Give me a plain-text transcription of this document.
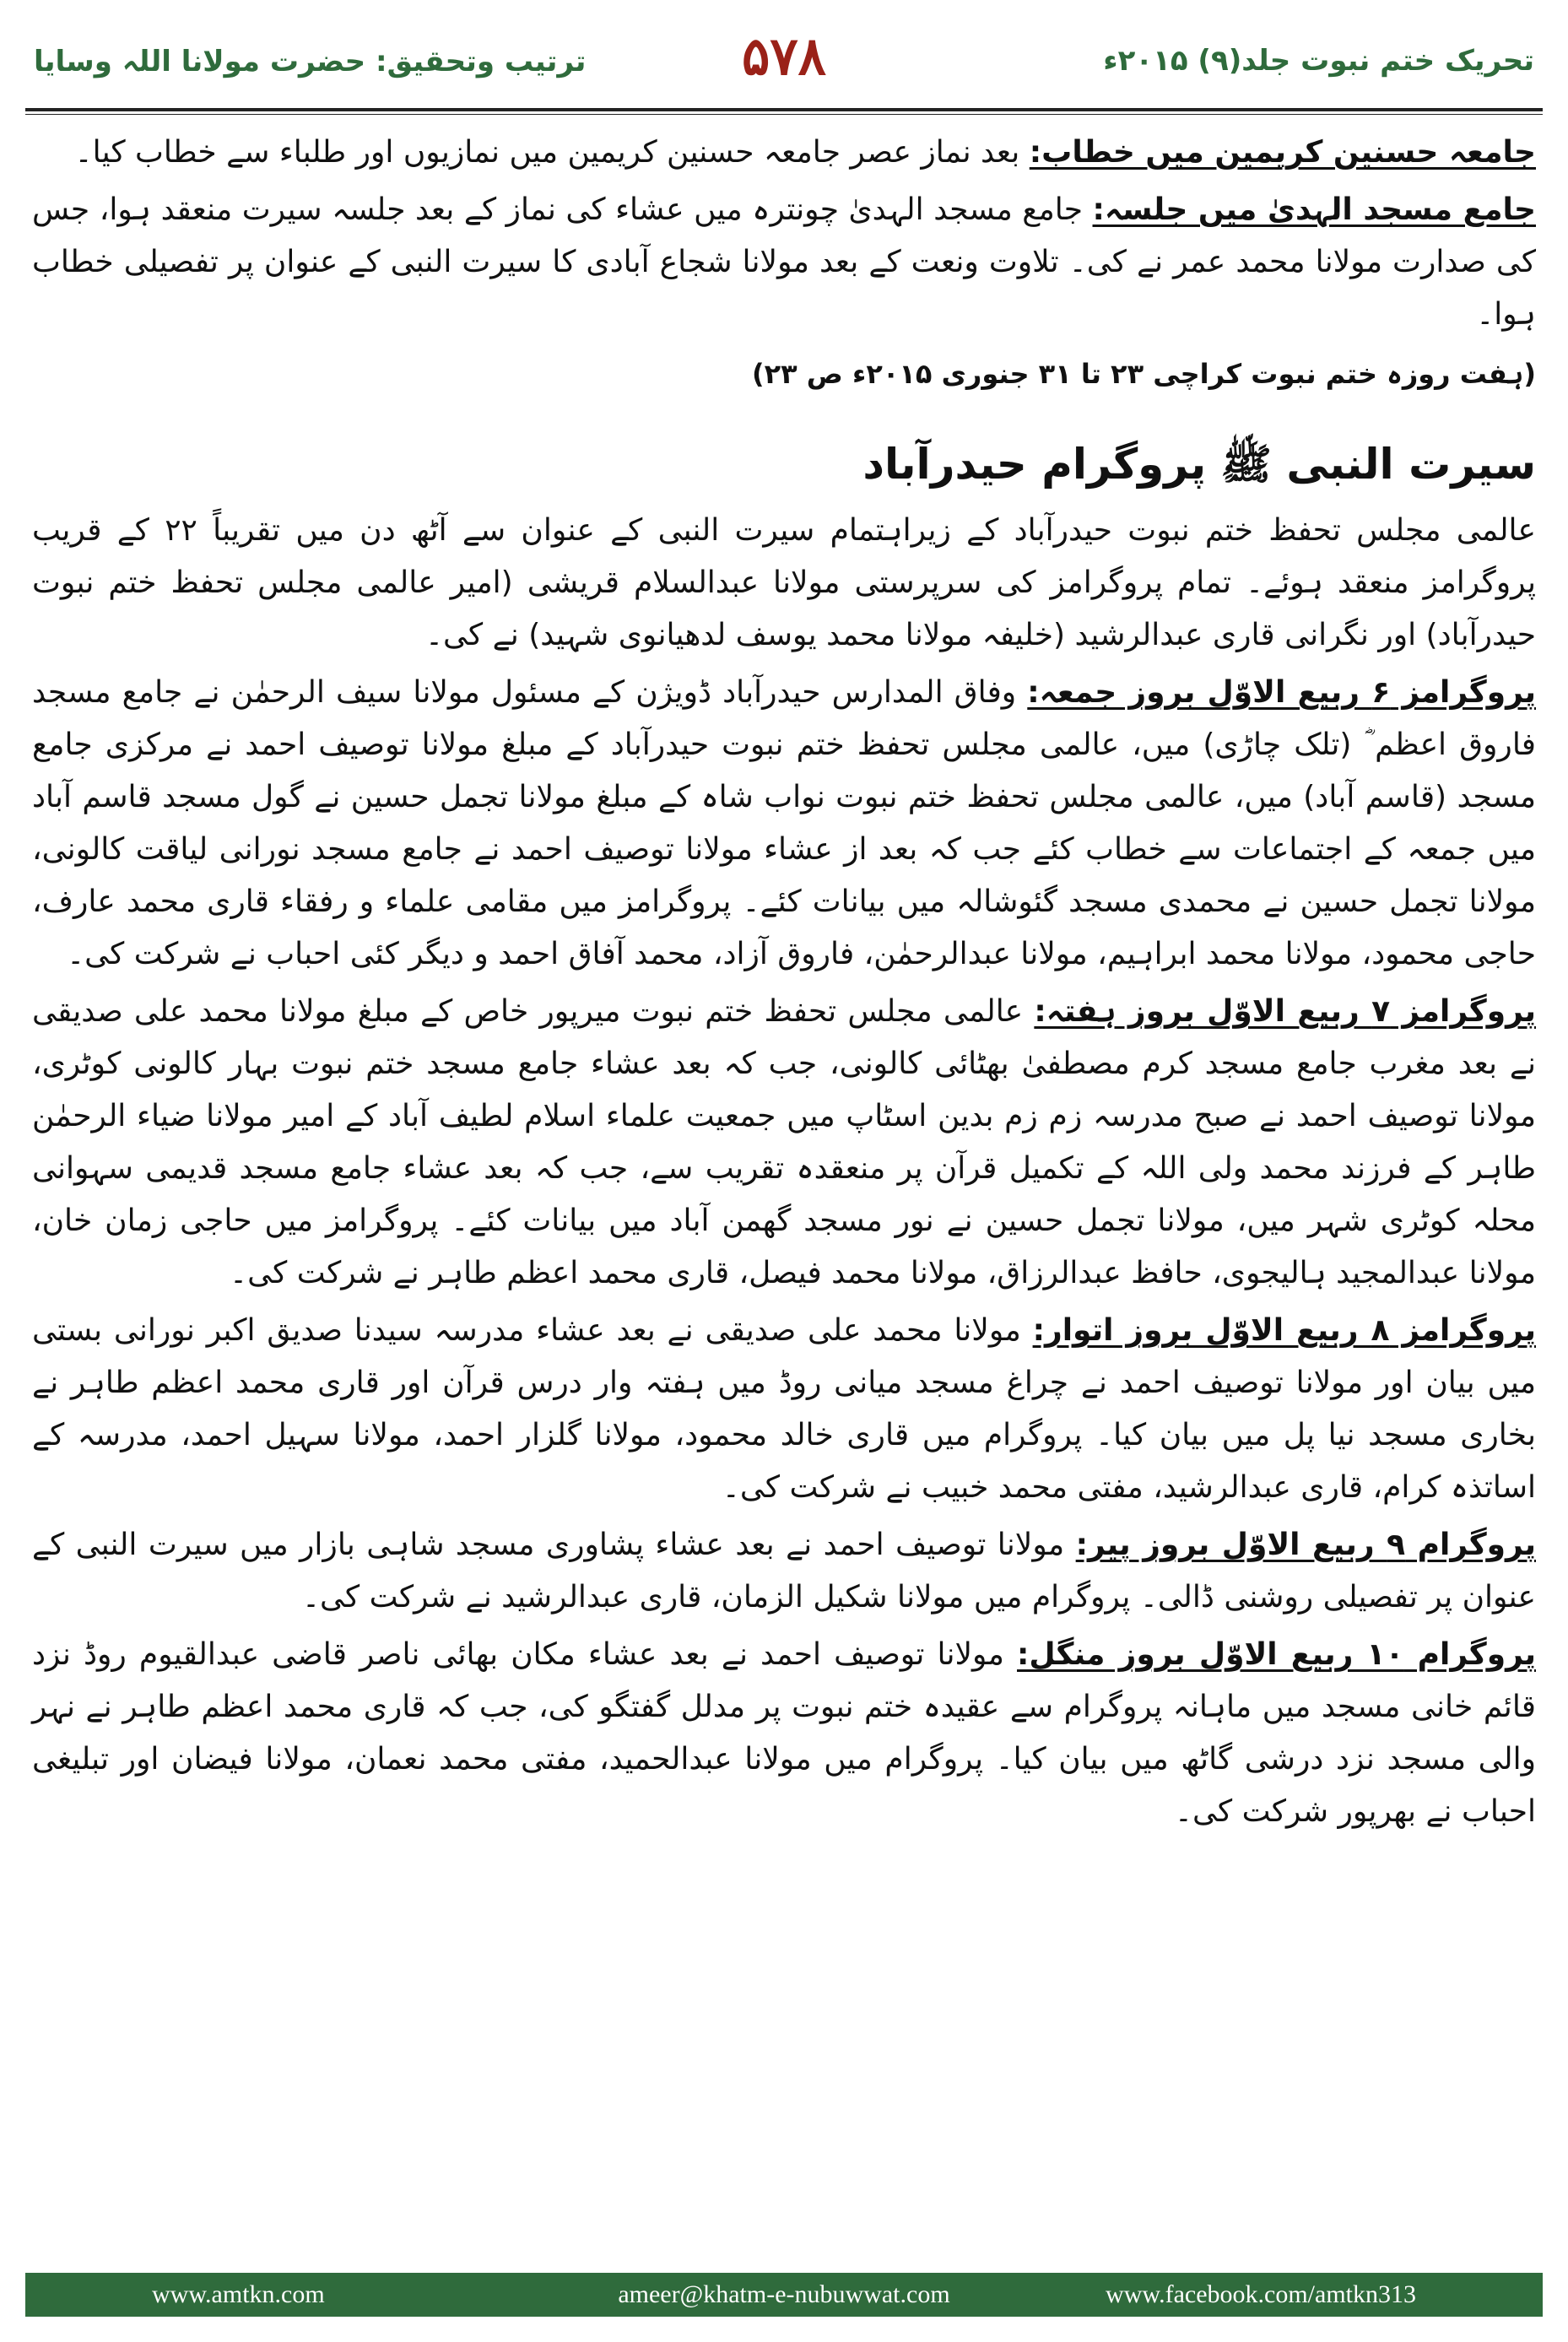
تحریک ختم نبوت جلد(۹) ۲۰۱۵ء
۵۷۸
ترتیب وتحقیق: حضرت مولانا اللہ وسایا

جامعہ حسنین کریمین میں خطاب: بعد نماز عصر جامعہ حسنین کریمین میں نمازیوں اور طلباء سے خطاب کیا۔

جامع مسجد الہدیٰ میں جلسہ: جامع مسجد الہدیٰ چونترہ میں عشاء کی نماز کے بعد جلسہ سیرت منعقد ہوا، جس کی صدارت مولانا محمد عمر نے کی۔ تلاوت ونعت کے بعد مولانا شجاع آبادی کا سیرت النبی کے عنوان پر تفصیلی خطاب ہوا۔

(ہفت روزہ ختم نبوت کراچی ۲۳ تا ۳۱ جنوری ۲۰۱۵ء ص ۲۳)

سیرت النبی ﷺ پروگرام حیدرآباد

عالمی مجلس تحفظ ختم نبوت حیدرآباد کے زیراہتمام سیرت النبی کے عنوان سے آٹھ دن میں تقریباً ۲۲ کے قریب پروگرامز منعقد ہوئے۔ تمام پروگرامز کی سرپرستی مولانا عبدالسلام قریشی (امیر عالمی مجلس تحفظ ختم نبوت حیدرآباد) اور نگرانی قاری عبدالرشید (خلیفہ مولانا محمد یوسف لدھیانوی شہید) نے کی۔

پروگرامز ۶ ربیع الاوّل بروز جمعہ: وفاق المدارس حیدرآباد ڈویژن کے مسئول مولانا سیف الرحمٰن نے جامع مسجد فاروق اعظم ؓ (تلک چاڑی) میں، عالمی مجلس تحفظ ختم نبوت حیدرآباد کے مبلغ مولانا توصیف احمد نے مرکزی جامع مسجد (قاسم آباد) میں، عالمی مجلس تحفظ ختم نبوت نواب شاہ کے مبلغ مولانا تجمل حسین نے گول مسجد قاسم آباد میں جمعہ کے اجتماعات سے خطاب کئے جب کہ بعد از عشاء مولانا توصیف احمد نے جامع مسجد نورانی لیاقت کالونی، مولانا تجمل حسین نے محمدی مسجد گئوشالہ میں بیانات کئے۔ پروگرامز میں مقامی علماء و رفقاء قاری محمد عارف، حاجی محمود، مولانا محمد ابراہیم، مولانا عبدالرحمٰن، فاروق آزاد، محمد آفاق احمد و دیگر کئی احباب نے شرکت کی۔

پروگرامز ۷ ربیع الاوّل بروز ہفتہ: عالمی مجلس تحفظ ختم نبوت میرپور خاص کے مبلغ مولانا محمد علی صدیقی نے بعد مغرب جامع مسجد کرم مصطفیٰ بھٹائی کالونی، جب کہ بعد عشاء جامع مسجد ختم نبوت بہار کالونی کوٹری، مولانا توصیف احمد نے صبح مدرسہ زم زم بدین اسٹاپ میں جمعیت علماء اسلام لطیف آباد کے امیر مولانا ضیاء الرحمٰن طاہر کے فرزند محمد ولی اللہ کے تکمیل قرآن پر منعقدہ تقریب سے، جب کہ بعد عشاء جامع مسجد قدیمی سہوانی محلہ کوٹری شہر میں، مولانا تجمل حسین نے نور مسجد گھمن آباد میں بیانات کئے۔ پروگرامز میں حاجی زمان خان، مولانا عبدالمجید ہالیجوی، حافظ عبدالرزاق، مولانا محمد فیصل، قاری محمد اعظم طاہر نے شرکت کی۔

پروگرامز ۸ ربیع الاوّل بروز اتوار: مولانا محمد علی صدیقی نے بعد عشاء مدرسہ سیدنا صدیق اکبر نورانی بستی میں بیان اور مولانا توصیف احمد نے چراغ مسجد میانی روڈ میں ہفتہ وار درس قرآن اور قاری محمد اعظم طاہر نے بخاری مسجد نیا پل میں بیان کیا۔ پروگرام میں قاری خالد محمود، مولانا گلزار احمد، مولانا سہیل احمد، مدرسہ کے اساتذہ کرام، قاری عبدالرشید، مفتی محمد خبیب نے شرکت کی۔

پروگرام ۹ ربیع الاوّل بروز پیر: مولانا توصیف احمد نے بعد عشاء پشاوری مسجد شاہی بازار میں سیرت النبی کے عنوان پر تفصیلی روشنی ڈالی۔ پروگرام میں مولانا شکیل الزمان، قاری عبدالرشید نے شرکت کی۔

پروگرام ۱۰ ربیع الاوّل بروز منگل: مولانا توصیف احمد نے بعد عشاء مکان بھائی ناصر قاضی عبدالقیوم روڈ نزد قائم خانی مسجد میں ماہانہ پروگرام سے عقیدہ ختم نبوت پر مدلل گفتگو کی، جب کہ قاری محمد اعظم طاہر نے نہر والی مسجد نزد درشی گاٹھ میں بیان کیا۔ پروگرام میں مولانا عبدالحمید، مفتی محمد نعمان، مولانا فیضان اور تبلیغی احباب نے بھرپور شرکت کی۔

www.amtkn.com	ameer@khatm-e-nubuwwat.com	www.facebook.com/amtkn313
